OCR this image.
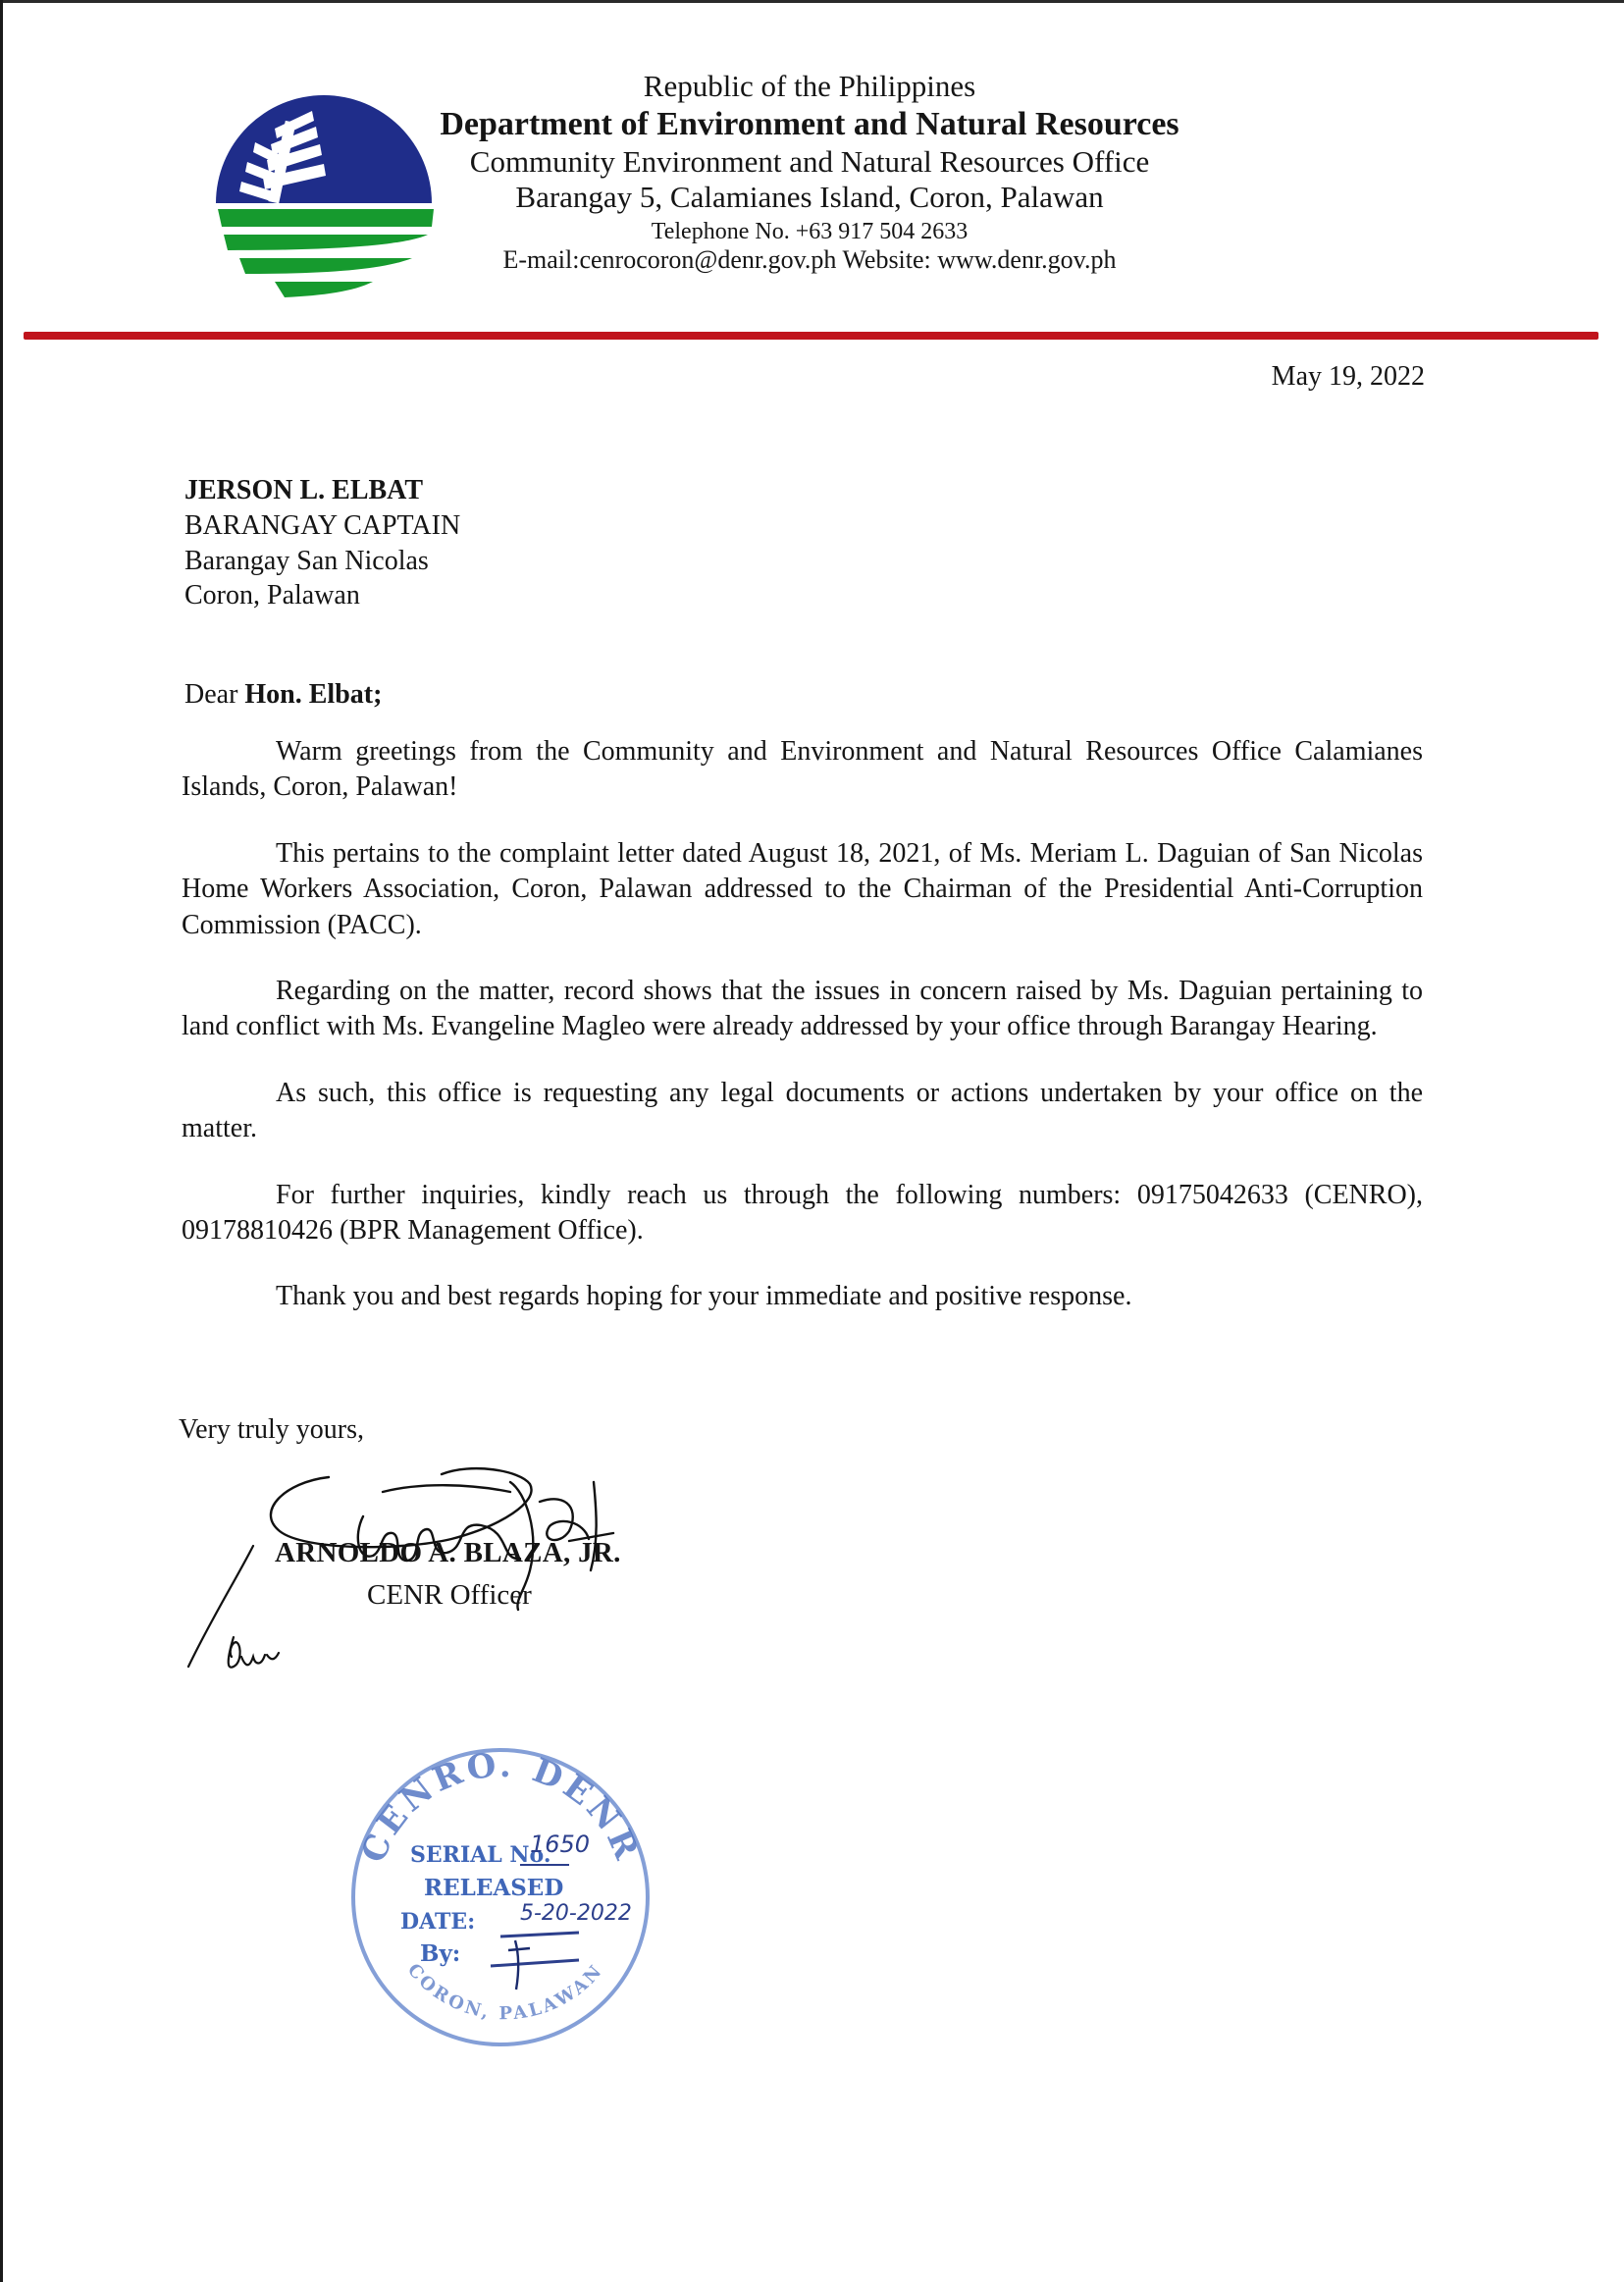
Republic of the Philippines
Department of Environment and Natural Resources
Community Environment and Natural Resources Office
Barangay 5, Calamianes Island, Coron, Palawan
Telephone No. +63 917 504 2633
E-mail:cenrocoron@denr.gov.ph Website: www.denr.gov.ph
May 19, 2022
JERSON L. ELBAT
BARANGAY CAPTAIN
Barangay San Nicolas
Coron, Palawan
Dear Hon. Elbat;

Warm greetings from the Community and Environment and Natural Resources Office Calamianes Islands, Coron, Palawan!

This pertains to the complaint letter dated August 18, 2021, of Ms. Meriam L. Daguian of San Nicolas Home Workers Association, Coron, Palawan addressed to the Chairman of the Presidential Anti-Corruption Commission (PACC).

Regarding on the matter, record shows that the issues in concern raised by Ms. Daguian pertaining to land conflict with Ms. Evangeline Magleo were already addressed by your office through Barangay Hearing.

As such, this office is requesting any legal documents or actions undertaken by your office on the matter.

For further inquiries, kindly reach us through the following numbers: 09175042633 (CENRO), 09178810426 (BPR Management Office).

Thank you and best regards hoping for your immediate and positive response.

Very truly yours,
ARNOLDO A. BLAZA, JR.
CENR Officer
CENRO. DENR
CORON, PALAWAN
SERIAL No.
1650
RELEASED
DATE: 5-20-2022
By:
